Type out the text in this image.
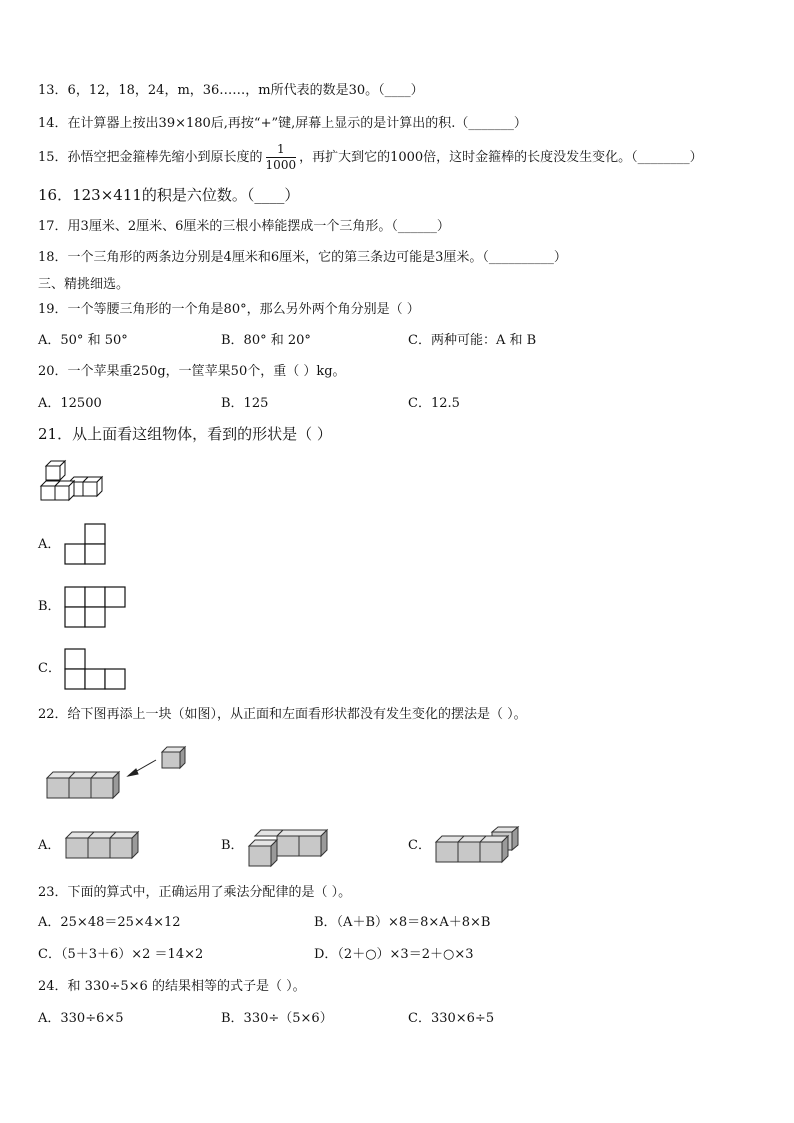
13．6，12，18，24，m，36……，m所代表的数是30。（____）
14．在计算器上按出39×180后,再按“+”键,屏幕上显示的是计算出的积.（_______）
15．孙悟空把金箍棒先缩小到原长度的 $\frac{1}{1000}$ ，再扩大到它的1000倍，这时金箍棒的长度没发生变化。（________）
16．123×411的积是六位数。（____）
17．用3厘米、2厘米、6厘米的三根小棒能摆成一个三角形。（______）
18．一个三角形的两条边分别是4厘米和6厘米，它的第三条边可能是3厘米。（__________）
三、精挑细选。
19．一个等腰三角形的一个角是80°，那么另外两个角分别是（ ）
A．50° 和 50°	B．80° 和 20°	C．两种可能：A 和 B
20．一个苹果重250g，一筐苹果50个，重（ ）kg。
A．12500	B．125	C．12.5
21．从上面看这组物体，看到的形状是（ ）
A．
B．
C．
22．给下图再添上一块（如图），从正面和左面看形状都没有发生变化的摆法是（ ）。
A．	B．	C．
23．下面的算式中，正确运用了乘法分配律的是（ ）。
A．25×48＝25×4×12	B．（A＋B）×8＝8×A＋8×B
C．（5＋3＋6）×2 ＝14×2	D．（2＋○）×3＝2＋○×3
24．和 330÷5×6 的结果相等的式子是（ ）。
A．330÷6×5	B．330÷（5×6）	C．330×6÷5
